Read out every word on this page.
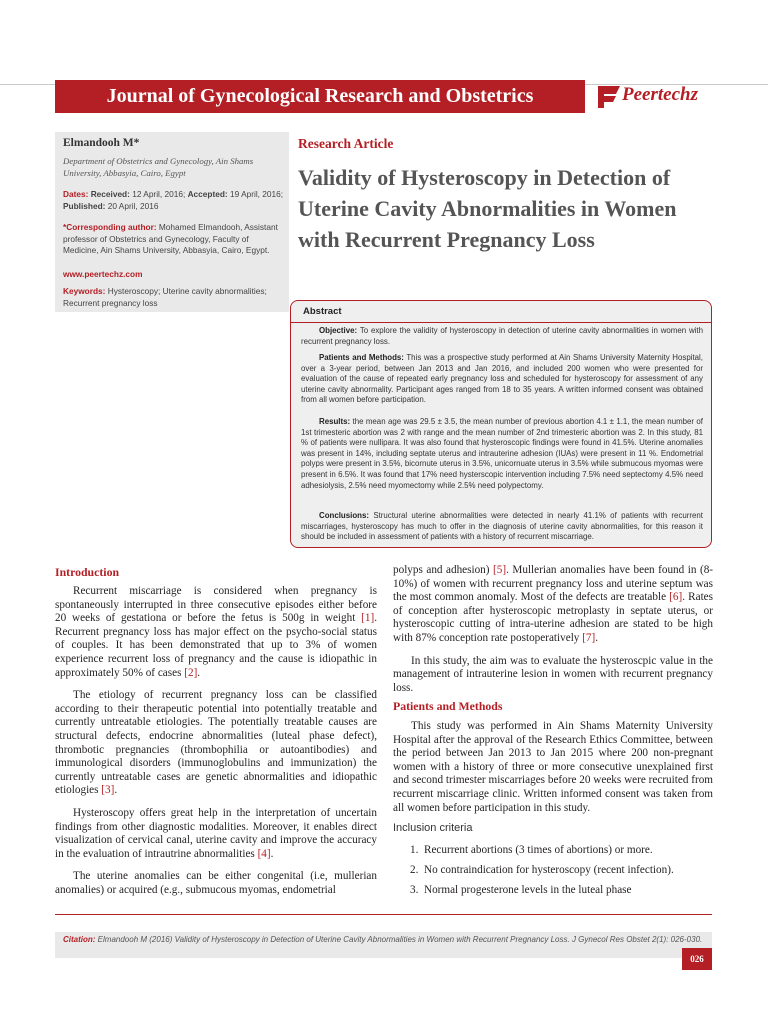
Journal of Gynecological Research and Obstetrics	Peertechz
Elmandooh M*
Department of Obstetrics and Gynecology, Ain Shams University, Abbasyia, Cairo, Egypt
Dates: Received: 12 April, 2016; Accepted: 19 April, 2016; Published: 20 April, 2016
*Corresponding author: Mohamed Elmandooh, Assistant professor of Obstetrics and Gynecology, Faculty of Medicine, Ain Shams University, Abbasyia, Cairo, Egypt.
www.peertechz.com
Keywords: Hysteroscopy; Uterine cavity abnormalities; Recurrent pregnancy loss
Research Article
Validity of Hysteroscopy in Detection of Uterine Cavity Abnormalities in Women with Recurrent Pregnancy Loss
Abstract

Objective: To explore the validity of hysteroscopy in detection of uterine cavity abnormalities in women with recurrent pregnancy loss.

Patients and Methods: This was a prospective study performed at Ain Shams University Maternity Hospital, over a 3-year period, between Jan 2013 and Jan 2016, and included 200 women who were presented for evaluation of the cause of repeated early pregnancy loss and scheduled for hysteroscopy for assessment of any uterine cavity abnormality. Participant ages ranged from 18 to 35 years. A written informed consent was obtained from all women before participation.

Results: the mean age was 29.5 ± 3.5, the mean number of previous abortion 4.1 ± 1.1, the mean number of 1st trimesteric abortion was 2 with range and the mean number of 2nd trimesteric abortion was 2. In this study, 81 % of patients were nullipara. It was also found that hysteroscopic findings were found in 41.5%. Uterine anomalies was present in 14%, including septate uterus and intrauterine adhesion (IUAs) were present in 11 %. Endometrial polyps were present in 3.5%, bicornute uterus in 3.5%, unicornuate uterus in 3.5% while submucous myomas were present in 6.5%. It was found that 17% need hysterscopic intervention including 7.5% need septectomy 4.5% need adhesiolysis, 2.5% need myomectomy while 2.5% need polypectomy.

Conclusions: Structural uterine abnormalities were detected in nearly 41.1% of patients with recurrent miscarriages, hysteroscopy has much to offer in the diagnosis of uterine cavity abnormalities, for this reason it should be included in assessment of patients with a history of recurrent miscarriage.

Introduction

Recurrent miscarriage is considered when pregnancy is spontaneously interrupted in three consecutive episodes either before 20 weeks of gestationa or before the fetus is 500g in weight [1]. Recurrent pregnancy loss has major effect on the psycho-social status of couples. It has been demonstrated that up to 3% of women experience recurrent loss of pregnancy and the cause is idiopathic in approximately 50% of cases [2].

The etiology of recurrent pregnancy loss can be classified according to their therapeutic potential into potentially treatable and currently untreatable etiologies. The potentially treatable causes are structural defects, endocrine abnormalities (luteal phase defect), thrombotic pregnancies (thrombophilia or autoantibodies) and immunological disorders (immunoglobulins and immunization) the currently untreatable cases are genetic abnormalities and idiopathic etiologies [3].

Hysteroscopy offers great help in the interpretation of uncertain findings from other diagnostic modalities. Moreover, it enables direct visualization of cervical canal, uterine cavity and improve the accuracy in the evaluation of intrautrine abnormalities [4].

The uterine anomalies can be either congenital (i.e, mullerian anomalies) or acquired (e.g., submucous myomas, endometrial

polyps and adhesion) [5]. Mullerian anomalies have been found in (8-10%) of women with recurrent pregnancy loss and uterine septum was the most common anomaly. Most of the defects are treatable [6]. Rates of conception after hysteroscopic metroplasty in septate uterus, or hysteroscopic cutting of intra-uterine adhesion are stated to be high with 87% conception rate postoperatively [7].

In this study, the aim was to evaluate the hysteroscpic value in the management of intrauterine lesion in women with recurrent pregnancy loss.

Patients and Methods

This study was performed in Ain Shams Maternity University Hospital after the approval of the Research Ethics Committee, between the period between Jan 2013 to Jan 2015 where 200 non-pregnant women with a history of three or more consecutive unexplained first and second trimester miscarriages before 20 weeks were recruited from recurrent miscarriage clinic. Written informed consent was taken from all women before participation in this study.

Inclusion criteria
1. Recurrent abortions (3 times of abortions) or more.
2. No contraindication for hysteroscopy (recent infection).
3. Normal progesterone levels in the luteal phase
Citation: Elmandooh M (2016) Validity of Hysteroscopy in Detection of Uterine Cavity Abnormalities in Women with Recurrent Pregnancy Loss. J Gynecol Res Obstet 2(1): 026-030.
026
